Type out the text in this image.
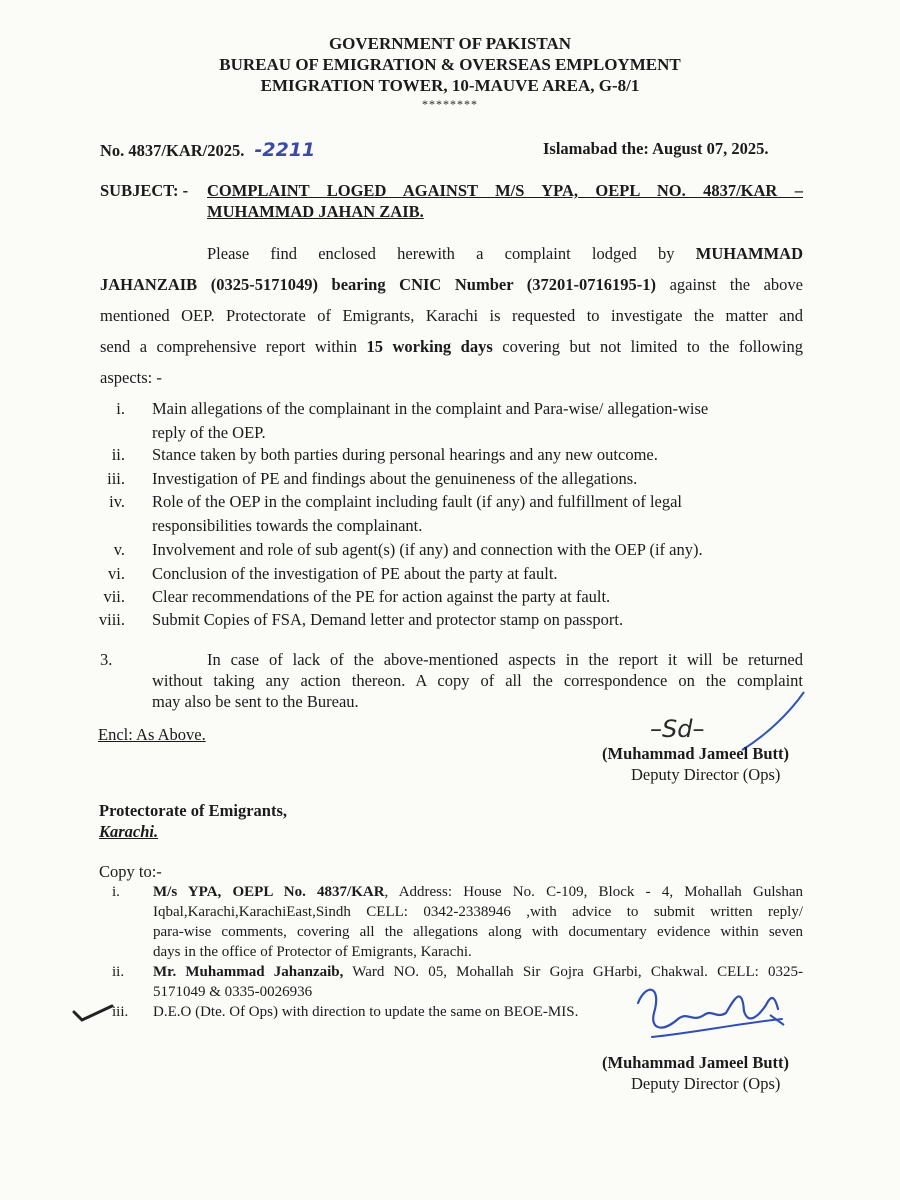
GOVERNMENT OF PAKISTAN
BUREAU OF EMIGRATION & OVERSEAS EMPLOYMENT
EMIGRATION TOWER, 10-MAUVE AREA, G-8/1
********
No. 4837/KAR/2025. -2211	Islamabad the: August 07, 2025.
SUBJECT: - COMPLAINT LOGED AGAINST M/S YPA, OEPL NO. 4837/KAR –
MUHAMMAD JAHAN ZAIB.
Please find enclosed herewith a complaint lodged by MUHAMMAD
JAHANZAIB (0325-5171049) bearing CNIC Number (37201-0716195-1) against the above
mentioned OEP. Protectorate of Emigrants, Karachi is requested to investigate the matter and
send a comprehensive report within 15 working days covering but not limited to the following
aspects: -
i. Main allegations of the complainant in the complaint and Para-wise/ allegation-wise
reply of the OEP.
ii. Stance taken by both parties during personal hearings and any new outcome.
iii. Investigation of PE and findings about the genuineness of the allegations.
iv. Role of the OEP in the complaint including fault (if any) and fulfillment of legal
responsibilities towards the complainant.
v. Involvement and role of sub agent(s) (if any) and connection with the OEP (if any).
vi. Conclusion of the investigation of PE about the party at fault.
vii. Clear recommendations of the PE for action against the party at fault.
viii. Submit Copies of FSA, Demand letter and protector stamp on passport.
3.	In case of lack of the above-mentioned aspects in the report it will be returned
without taking any action thereon. A copy of all the correspondence on the complaint
may also be sent to the Bureau.
Encl: As Above.	–Sd–
(Muhammad Jameel Butt)
Deputy Director (Ops)
Protectorate of Emigrants,
Karachi.
Copy to:-
i. M/s YPA, OEPL No. 4837/KAR, Address: House No. C-109, Block - 4, Mohallah Gulshan
Iqbal,Karachi,KarachiEast,Sindh CELL: 0342-2338946 ,with advice to submit written reply/
para-wise comments, covering all the allegations along with documentary evidence within seven
days in the office of Protector of Emigrants, Karachi.
ii. Mr. Muhammad Jahanzaib, Ward NO. 05, Mohallah Sir Gojra GHarbi, Chakwal. CELL: 0325-
5171049 & 0335-0026936
iii. D.E.O (Dte. Of Ops) with direction to update the same on BEOE-MIS.
(Muhammad Jameel Butt)
Deputy Director (Ops)
